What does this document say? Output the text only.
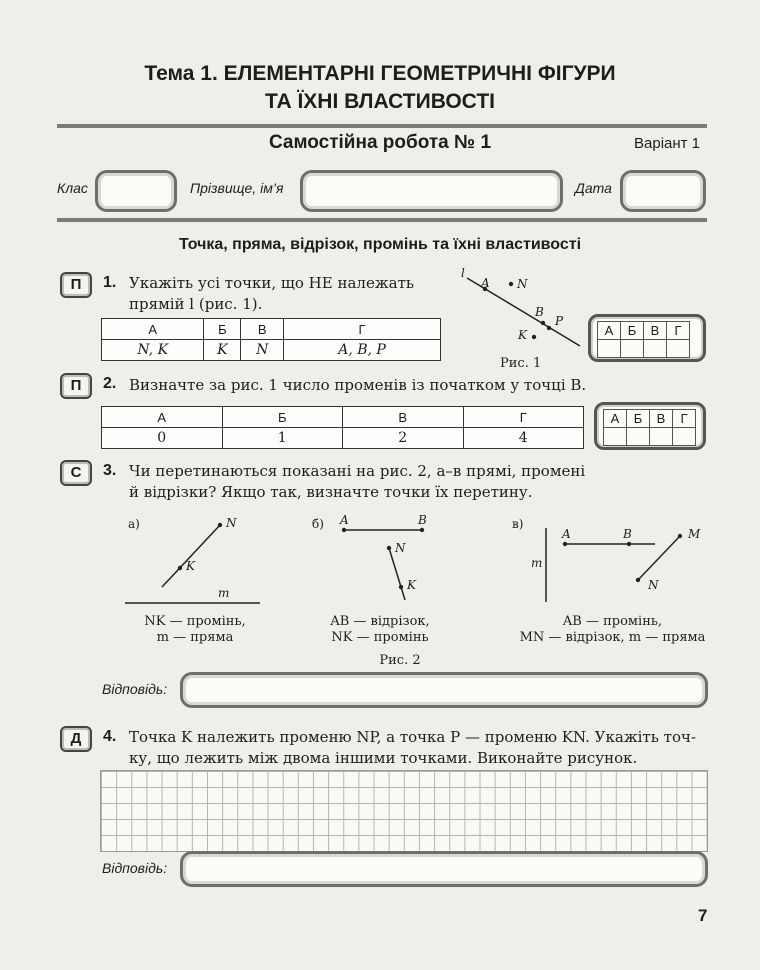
Тема 1. ЕЛЕМЕНТАРНІ ГЕОМЕТРИЧНІ ФІГУРИ
ТА ЇХНІ ВЛАСТИВОСТІ
Самостійна робота № 1	Варіант 1
Клас	Прізвище, ім’я	Дата
Точка, пряма, відрізок, промінь та їхні властивості
П	1. Укажіть усі точки, що НЕ належать
прямій l (рис. 1).
А	Б	В	Г
N, K	K	N	A, B, P
l
A N
B
P
K
Рис. 1
А	Б	В	Г

П	2. Визначте за рис. 1 число променів із початком у точці B.
А	Б	В	Г
0	1	2	4
А	Б	В	Г

С	3. Чи перетинаються показані на рис. 2, а–в прямі, промені
й відрізки? Якщо так, визначте точки їх перетину.
а)	N
K
m
NK — промінь,
m — пряма
б) A	B
N
K
AB — відрізок,
NK — промінь
в)
A	B	M
N
m
AB — промінь,
MN — відрізок, m — пряма
Рис. 2
Відповідь:
Д	4. Точка K належить променю NP, а точка P — променю KN. Укажіть точ-
ку, що лежить між двома іншими точками. Виконайте рисунок.
Відповідь:
7
